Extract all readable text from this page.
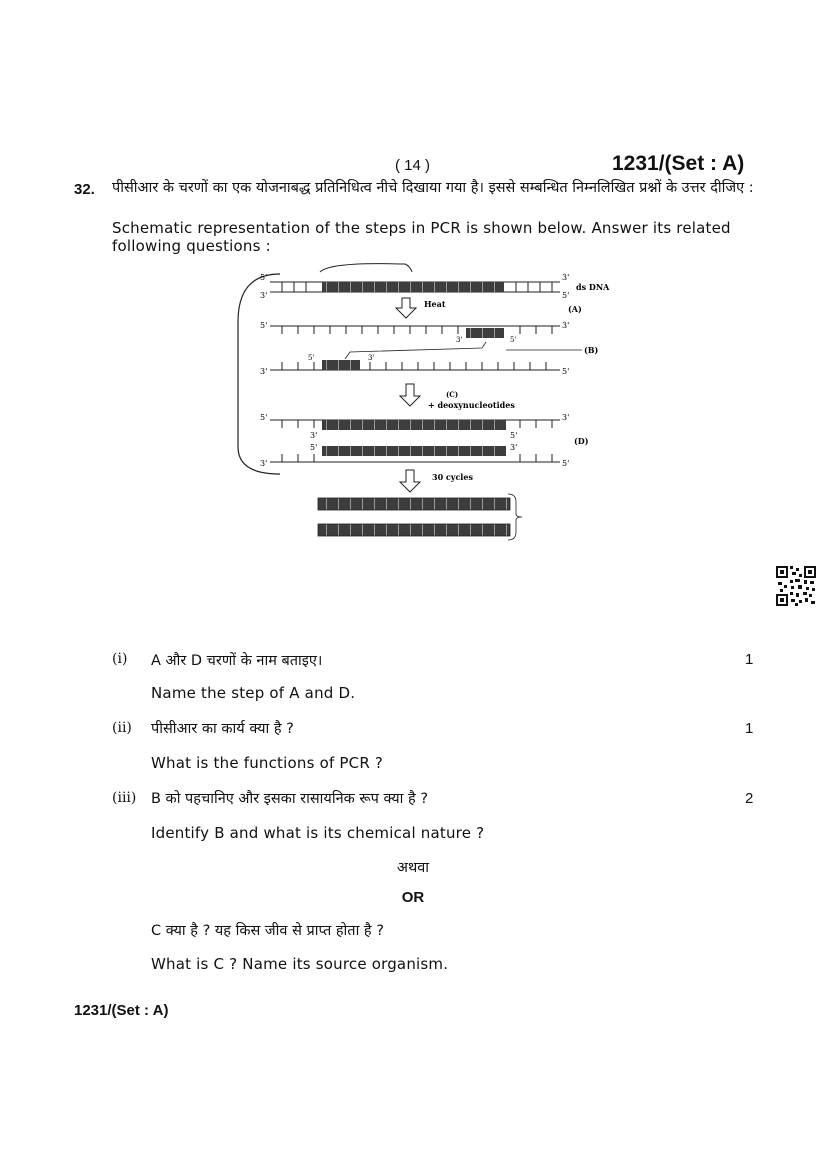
( 14 )	1231/(Set : A)
32. पीसीआर के चरणों का एक योजनाबद्ध प्रतिनिधित्व नीचे दिखाया गया है। इससे सम्बन्धित निम्नलिखित प्रश्नों के उत्तर दीजिए :
Schematic representation of the steps in PCR is shown below. Answer its related following questions :
5'
3'
3'
5'
ds DNA
Heat	(A)
5'	3'
3'	5'
(B)
5'	3'
3'	5'
(C)
+ deoxynucleotides
5'	3'
3'	5'
5'	3'
3'	5'
(D)
30 cycles
(i) A और D चरणों के नाम बताइए।	1
Name the step of A and D.
(ii) पीसीआर का कार्य क्या है ?	1
What is the functions of PCR ?
(iii) B को पहचानिए और इसका रासायनिक रूप क्या है ?	2
Identify B and what is its chemical nature ?
अथवा
OR
C क्या है ? यह किस जीव से प्राप्त होता है ?
What is C ? Name its source organism.
1231/(Set : A)
